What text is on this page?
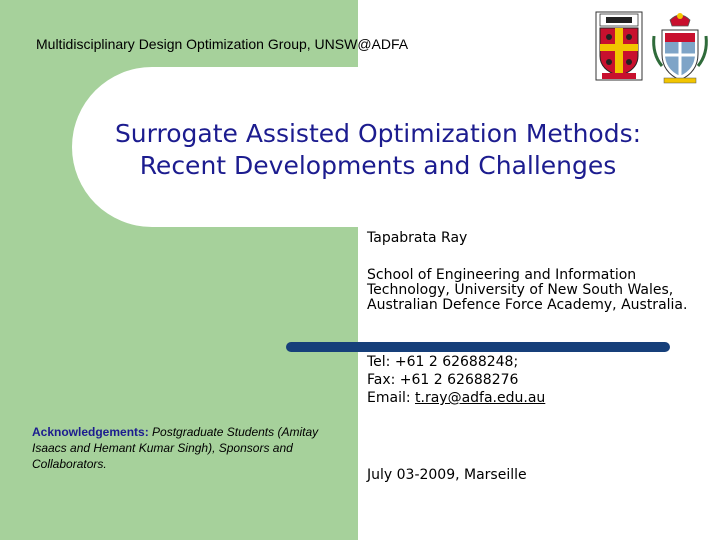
Multidisciplinary Design Optimization Group, UNSW@ADFA
Surrogate Assisted Optimization Methods:
Recent Developments and Challenges
Tapabrata Ray
School of Engineering and Information Technology, University of New South Wales, Australian Defence Force Academy, Australia.
Tel: +61 2 62688248;
Fax: +61 2 62688276
Email: t.ray@adfa.edu.au
July 03-2009, Marseille
Acknowledgements: Postgraduate Students (Amitay Isaacs and Hemant Kumar Singh), Sponsors and Collaborators.
